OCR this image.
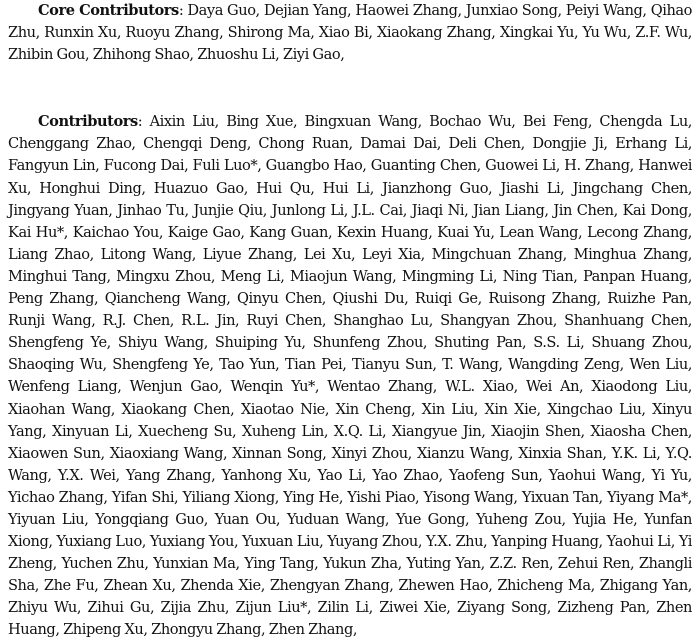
Core Contributors: Daya Guo, Dejian Yang, Haowei Zhang, Junxiao Song, Peiyi Wang, Qihao Zhu, Runxin Xu, Ruoyu Zhang, Shirong Ma, Xiao Bi, Xiaokang Zhang, Xingkai Yu, Yu Wu, Z.F. Wu, Zhibin Gou, Zhihong Shao, Zhuoshu Li, Ziyi Gao,

Contributors: Aixin Liu, Bing Xue, Bingxuan Wang, Bochao Wu, Bei Feng, Chengda Lu, Chenggang Zhao, Chengqi Deng, Chong Ruan, Damai Dai, Deli Chen, Dongjie Ji, Erhang Li, Fangyun Lin, Fucong Dai, Fuli Luo*, Guangbo Hao, Guanting Chen, Guowei Li, H. Zhang, Hanwei Xu, Honghui Ding, Huazuo Gao, Hui Qu, Hui Li, Jianzhong Guo, Jiashi Li, Jingchang Chen, Jingyang Yuan, Jinhao Tu, Junjie Qiu, Junlong Li, J.L. Cai, Jiaqi Ni, Jian Liang, Jin Chen, Kai Dong, Kai Hu*, Kaichao You, Kaige Gao, Kang Guan, Kexin Huang, Kuai Yu, Lean Wang, Lecong Zhang, Liang Zhao, Litong Wang, Liyue Zhang, Lei Xu, Leyi Xia, Mingchuan Zhang, Minghua Zhang, Minghui Tang, Mingxu Zhou, Meng Li, Miaojun Wang, Mingming Li, Ning Tian, Panpan Huang, Peng Zhang, Qiancheng Wang, Qinyu Chen, Qiushi Du, Ruiqi Ge, Ruisong Zhang, Ruizhe Pan, Runji Wang, R.J. Chen, R.L. Jin, Ruyi Chen, Shanghao Lu, Shangyan Zhou, Shanhuang Chen, Shengfeng Ye, Shiyu Wang, Shuiping Yu, Shunfeng Zhou, Shuting Pan, S.S. Li, Shuang Zhou, Shaoqing Wu, Shengfeng Ye, Tao Yun, Tian Pei, Tianyu Sun, T. Wang, Wangding Zeng, Wen Liu, Wenfeng Liang, Wenjun Gao, Wenqin Yu*, Wentao Zhang, W.L. Xiao, Wei An, Xiaodong Liu, Xiaohan Wang, Xiaokang Chen, Xiaotao Nie, Xin Cheng, Xin Liu, Xin Xie, Xingchao Liu, Xinyu Yang, Xinyuan Li, Xuecheng Su, Xuheng Lin, X.Q. Li, Xiangyue Jin, Xiaojin Shen, Xiaosha Chen, Xiaowen Sun, Xiaoxiang Wang, Xinnan Song, Xinyi Zhou, Xianzu Wang, Xinxia Shan, Y.K. Li, Y.Q. Wang, Y.X. Wei, Yang Zhang, Yanhong Xu, Yao Li, Yao Zhao, Yaofeng Sun, Yaohui Wang, Yi Yu, Yichao Zhang, Yifan Shi, Yiliang Xiong, Ying He, Yishi Piao, Yisong Wang, Yixuan Tan, Yiyang Ma*, Yiyuan Liu, Yongqiang Guo, Yuan Ou, Yuduan Wang, Yue Gong, Yuheng Zou, Yujia He, Yunfan Xiong, Yuxiang Luo, Yuxiang You, Yuxuan Liu, Yuyang Zhou, Y.X. Zhu, Yanping Huang, Yaohui Li, Yi Zheng, Yuchen Zhu, Yunxian Ma, Ying Tang, Yukun Zha, Yuting Yan, Z.Z. Ren, Zehui Ren, Zhangli Sha, Zhe Fu, Zhean Xu, Zhenda Xie, Zhengyan Zhang, Zhewen Hao, Zhicheng Ma, Zhigang Yan, Zhiyu Wu, Zihui Gu, Zijia Zhu, Zijun Liu*, Zilin Li, Ziwei Xie, Ziyang Song, Zizheng Pan, Zhen Huang, Zhipeng Xu, Zhongyu Zhang, Zhen Zhang,
